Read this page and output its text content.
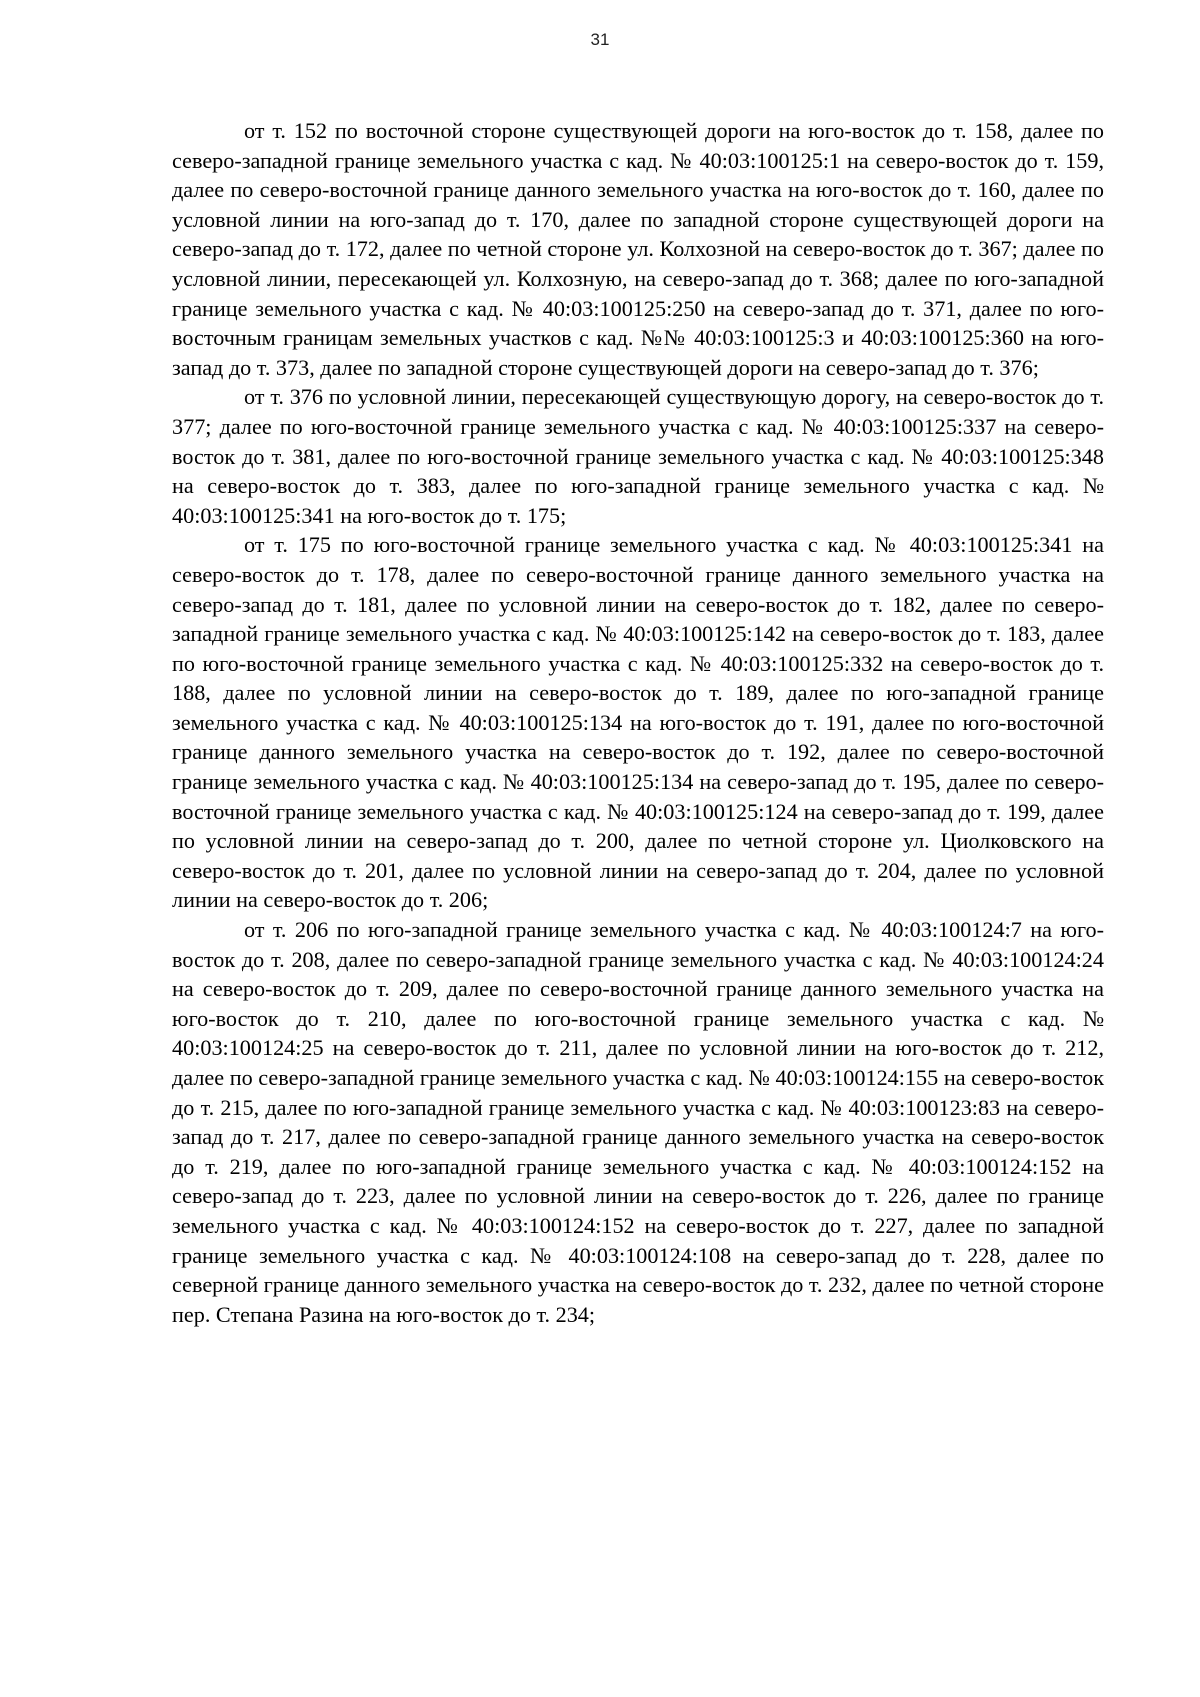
31

от т. 152 по восточной стороне существующей дороги на юго-восток до т. 158, далее по северо-западной границе земельного участка с кад. № 40:03:100125:1 на северо-восток до т. 159, далее по северо-восточной границе данного земельного участка на юго-восток до т. 160, далее по условной линии на юго-запад до т. 170, далее по западной стороне существующей дороги на северо-запад до т. 172, далее по четной стороне ул. Колхозной на северо-восток до т. 367; далее по условной линии, пересекающей ул. Колхозную, на северо-запад до т. 368; далее по юго-западной границе земельного участка с кад. № 40:03:100125:250 на северо-запад до т. 371, далее по юго-восточным границам земельных участков с кад. №№ 40:03:100125:3 и 40:03:100125:360 на юго-запад до т. 373, далее по западной стороне существующей дороги на северо-запад до т. 376;

от т. 376 по условной линии, пересекающей существующую дорогу, на северо-восток до т. 377; далее по юго-восточной границе земельного участка с кад. № 40:03:100125:337 на северо-восток до т. 381, далее по юго-восточной границе земельного участка с кад. № 40:03:100125:348 на северо-восток до т. 383, далее по юго-западной границе земельного участка с кад. № 40:03:100125:341 на юго-восток до т. 175;

от т. 175 по юго-восточной границе земельного участка с кад. № 40:03:100125:341 на северо-восток до т. 178, далее по северо-восточной границе данного земельного участка на северо-запад до т. 181, далее по условной линии на северо-восток до т. 182, далее по северо-западной границе земельного участка с кад. № 40:03:100125:142 на северо-восток до т. 183, далее по юго-восточной границе земельного участка с кад. № 40:03:100125:332 на северо-восток до т. 188, далее по условной линии на северо-восток до т. 189, далее по юго-западной границе земельного участка с кад. № 40:03:100125:134 на юго-восток до т. 191, далее по юго-восточной границе данного земельного участка на северо-восток до т. 192, далее по северо-восточной границе земельного участка с кад. № 40:03:100125:134 на северо-запад до т. 195, далее по северо-восточной границе земельного участка с кад. № 40:03:100125:124 на северо-запад до т. 199, далее по условной линии на северо-запад до т. 200, далее по четной стороне ул. Циолковского на северо-восток до т. 201, далее по условной линии на северо-запад до т. 204, далее по условной линии на северо-восток до т. 206;

от т. 206 по юго-западной границе земельного участка с кад. № 40:03:100124:7 на юго-восток до т. 208, далее по северо-западной границе земельного участка с кад. № 40:03:100124:24 на северо-восток до т. 209, далее по северо-восточной границе данного земельного участка на юго-восток до т. 210, далее по юго-восточной границе земельного участка с кад. № 40:03:100124:25 на северо-восток до т. 211, далее по условной линии на юго-восток до т. 212, далее по северо-западной границе земельного участка с кад. № 40:03:100124:155 на северо-восток до т. 215, далее по юго-западной границе земельного участка с кад. № 40:03:100123:83 на северо-запад до т. 217, далее по северо-западной границе данного земельного участка на северо-восток до т. 219, далее по юго-западной границе земельного участка с кад. № 40:03:100124:152 на северо-запад до т. 223, далее по условной линии на северо-восток до т. 226, далее по границе земельного участка с кад. № 40:03:100124:152 на северо-восток до т. 227, далее по западной границе земельного участка с кад. № 40:03:100124:108 на северо-запад до т. 228, далее по северной границе данного земельного участка на северо-восток до т. 232, далее по четной стороне пер. Степана Разина на юго-восток до т. 234;
